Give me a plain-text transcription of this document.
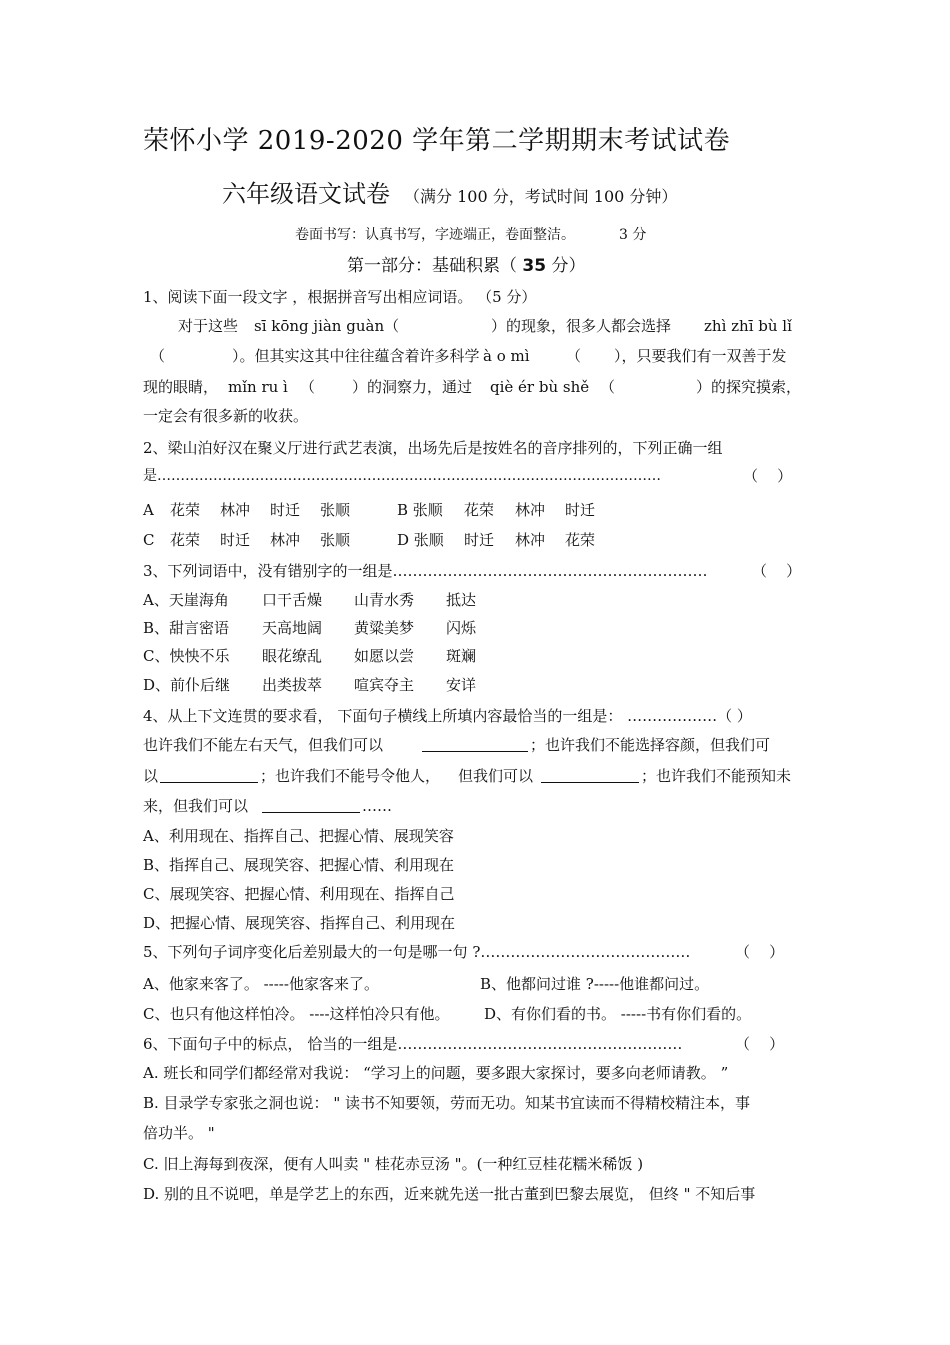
荣怀小学 2019-2020 学年第二学期期末考试试卷
六年级语文试卷 （满分 100 分，考试时间 100 分钟）
卷面书写：认真书写，字迹端正，卷面整洁。	3 分
第一部分：基础积累（ 35 分）
1、阅读下面一段文字 ，根据拼音写出相应词语。 （5 分）
对于这些 sī kōng jiàn guàn（	）的现象，很多人都会选择 zhì zhī bù lǐ
（	）。但其实这其中往往蕴含着许多科学 à o mì （ ），只要我们有一双善于发
现的眼睛， mǐn ru ì （ ）的洞察力，通过 qiè ér bù shě （	）的探究摸索，
一定会有很多新的收获。
2、梁山泊好汉在聚义厅进行武艺表演，出场先后是按姓名的音序排列的，下列正确一组
是………………………………………………………………………………………………	（    ）
A 花荣 林冲 时迁 张顺	B 张顺 花荣 林冲 时迁
C 花荣 时迁 林冲 张顺	D 张顺 时迁 林冲 花荣
3、下列词语中，没有错别字的一组是………………………………………………………	（    ）
A、天崖海角 口干舌燥 山青水秀 抵达
B、甜言密语 天高地阔 黄粱美梦 闪烁
C、怏怏不乐 眼花缭乱 如愿以尝 斑斓
D、前仆后继 出类拔萃 喧宾夺主 安详
4、从上下文连贯的要求看， 下面句子横线上所填内容最恰当的一组是： ………………（ ）
也许我们不能左右天气，但我们可以	；也许我们不能选择容颜，但我们可
以	；也许我们不能号令他人， 但我们可以	；也许我们不能预知未
来，但我们可以	……
A、利用现在、指挥自己、把握心情、展现笑容
B、指挥自己、展现笑容、把握心情、利用现在
C、展现笑容、把握心情、利用现在、指挥自己
D、把握心情、展现笑容、指挥自己、利用现在
5、下列句子词序变化后差别最大的一句是哪一句 ?……………………………………	（    ）
A、他家来客了。 -----他家客来了。	B、他都问过谁 ?-----他谁都问过。
C、也只有他这样怕冷。 ----这样怕冷只有他。 D、有你们看的书。 -----书有你们看的。
6、下面句子中的标点， 恰当的一组是…………………………………………………	（    ）
A. 班长和同学们都经常对我说： “学习上的问题，要多跟大家探讨，要多向老师请教。 ”
B. 目录学专家张之洞也说： " 读书不知要领，劳而无功。知某书宜读而不得精校精注本，事
倍功半。 "
C. 旧上海每到夜深，便有人叫卖 " 桂花赤豆汤 "。(一种红豆桂花糯米稀饭 )
D. 别的且不说吧，单是学艺上的东西，近来就先送一批古董到巴黎去展览， 但终 " 不知后事
